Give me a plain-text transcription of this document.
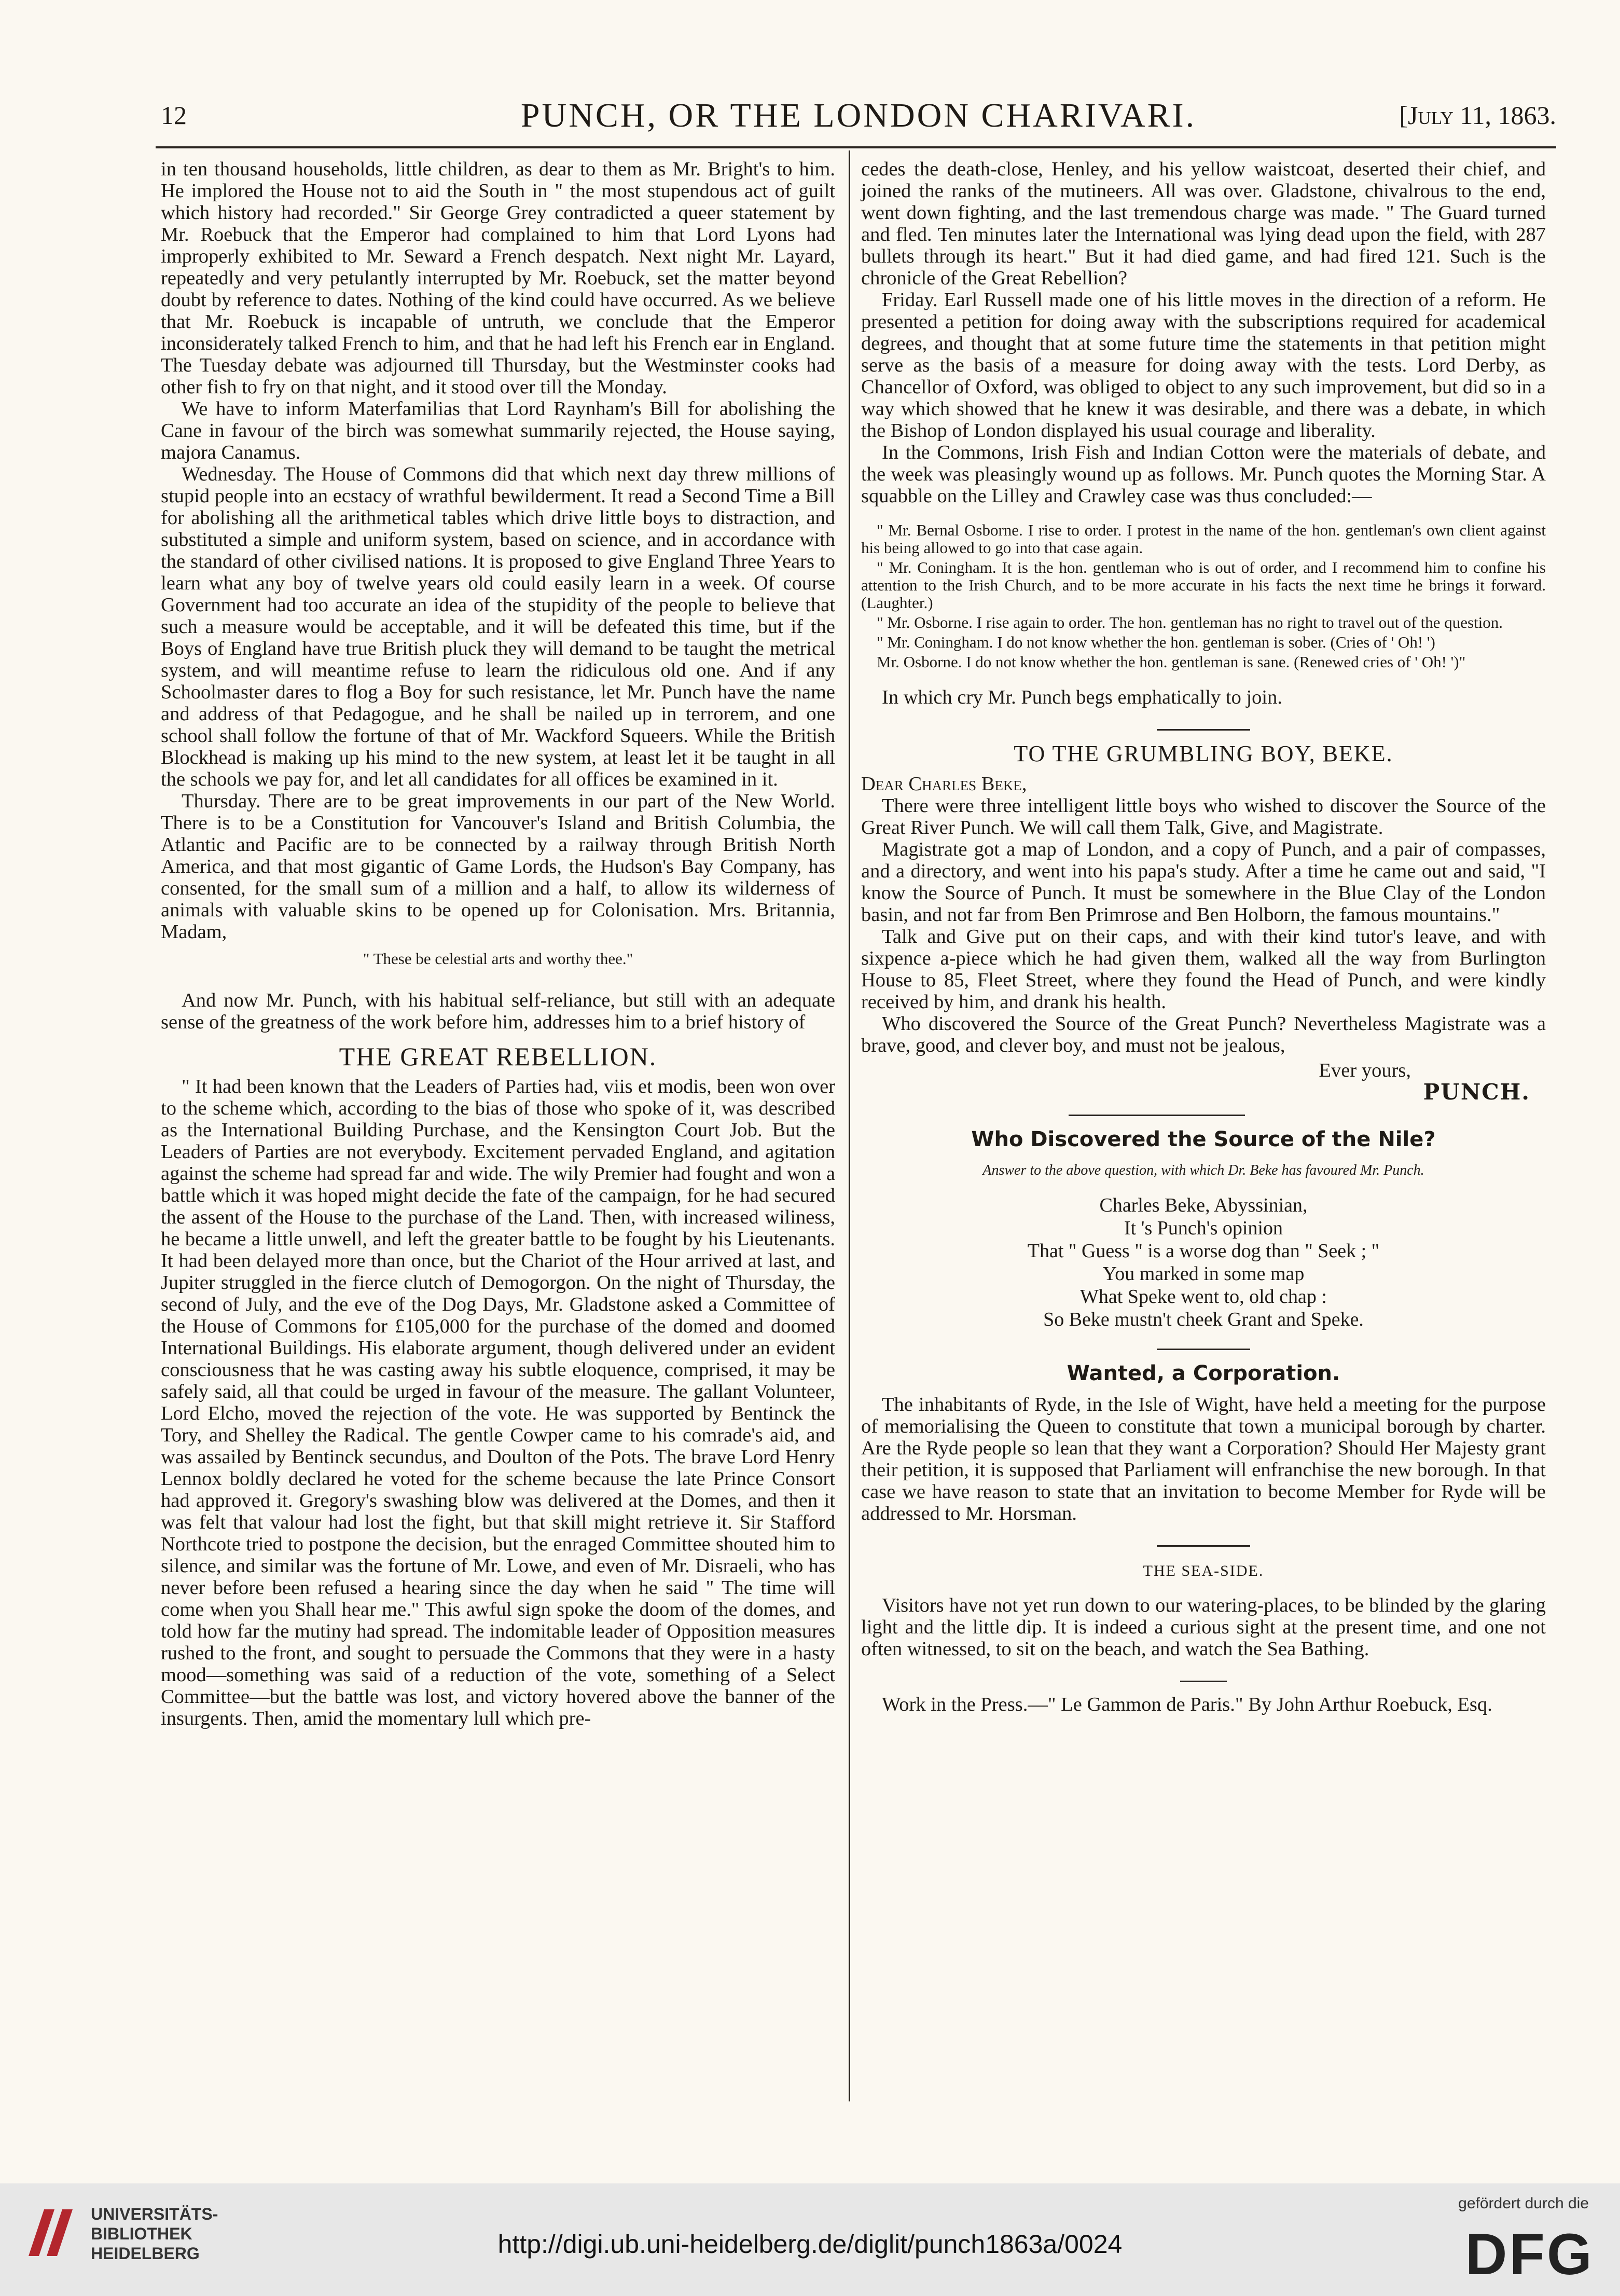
12	PUNCH, OR THE LONDON CHARIVARI.	[July 11, 1863.

in ten thousand households, little children, as dear to them as Mr. Bright's to him. He implored the House not to aid the South in " the most stupendous act of guilt which history had recorded." Sir George Grey contradicted a queer statement by Mr. Roebuck that the Emperor had complained to him that Lord Lyons had improperly exhibited to Mr. Seward a French despatch. Next night Mr. Layard, repeatedly and very petulantly interrupted by Mr. Roebuck, set the matter beyond doubt by reference to dates. Nothing of the kind could have occurred. As we believe that Mr. Roebuck is incapable of untruth, we conclude that the Emperor inconsiderately talked French to him, and that he had left his French ear in England. The Tuesday debate was adjourned till Thursday, but the Westminster cooks had other fish to fry on that night, and it stood over till the Monday.

We have to inform Materfamilias that Lord Raynham's Bill for abolishing the Cane in favour of the birch was somewhat summarily rejected, the House saying, majora Canamus.

Wednesday. The House of Commons did that which next day threw millions of stupid people into an ecstacy of wrathful bewilderment. It read a Second Time a Bill for abolishing all the arithmetical tables which drive little boys to distraction, and substituted a simple and uniform system, based on science, and in accordance with the standard of other civilised nations. It is proposed to give England Three Years to learn what any boy of twelve years old could easily learn in a week. Of course Government had too accurate an idea of the stupidity of the people to believe that such a measure would be acceptable, and it will be defeated this time, but if the Boys of England have true British pluck they will demand to be taught the metrical system, and will meantime refuse to learn the ridiculous old one. And if any Schoolmaster dares to flog a Boy for such resistance, let Mr. Punch have the name and address of that Pedagogue, and he shall be nailed up in terrorem, and one school shall follow the fortune of that of Mr. Wackford Squeers. While the British Blockhead is making up his mind to the new system, at least let it be taught in all the schools we pay for, and let all candidates for all offices be examined in it.

Thursday. There are to be great improvements in our part of the New World. There is to be a Constitution for Vancouver's Island and British Columbia, the Atlantic and Pacific are to be connected by a railway through British North America, and that most gigantic of Game Lords, the Hudson's Bay Company, has consented, for the small sum of a million and a half, to allow its wilderness of animals with valuable skins to be opened up for Colonisation. Mrs. Britannia, Madam,

" These be celestial arts and worthy thee."

And now Mr. Punch, with his habitual self-reliance, but still with an adequate sense of the greatness of the work before him, addresses him to a brief history of

THE GREAT REBELLION.

" It had been known that the Leaders of Parties had, viis et modis, been won over to the scheme which, according to the bias of those who spoke of it, was described as the International Building Purchase, and the Kensington Court Job. But the Leaders of Parties are not everybody. Excitement pervaded England, and agitation against the scheme had spread far and wide. The wily Premier had fought and won a battle which it was hoped might decide the fate of the campaign, for he had secured the assent of the House to the purchase of the Land. Then, with increased wiliness, he became a little unwell, and left the greater battle to be fought by his Lieutenants. It had been delayed more than once, but the Chariot of the Hour arrived at last, and Jupiter struggled in the fierce clutch of Demogorgon. On the night of Thursday, the second of July, and the eve of the Dog Days, Mr. Gladstone asked a Committee of the House of Commons for £105,000 for the purchase of the domed and doomed International Buildings. His elaborate argument, though delivered under an evident consciousness that he was casting away his subtle eloquence, comprised, it may be safely said, all that could be urged in favour of the measure. The gallant Volunteer, Lord Elcho, moved the rejection of the vote. He was supported by Bentinck the Tory, and Shelley the Radical. The gentle Cowper came to his comrade's aid, and was assailed by Bentinck secundus, and Doulton of the Pots. The brave Lord Henry Lennox boldly declared he voted for the scheme because the late Prince Consort had approved it. Gregory's swashing blow was delivered at the Domes, and then it was felt that valour had lost the fight, but that skill might retrieve it. Sir Stafford Northcote tried to postpone the decision, but the enraged Committee shouted him to silence, and similar was the fortune of Mr. Lowe, and even of Mr. Disraeli, who has never before been refused a hearing since the day when he said " The time will come when you Shall hear me." This awful sign spoke the doom of the domes, and told how far the mutiny had spread. The indomitable leader of Opposition measures rushed to the front, and sought to persuade the Commons that they were in a hasty mood—something was said of a reduction of the vote, something of a Select Committee—but the battle was lost, and victory hovered above the banner of the insurgents. Then, amid the momentary lull which pre-

cedes the death-close, Henley, and his yellow waistcoat, deserted their chief, and joined the ranks of the mutineers. All was over. Gladstone, chivalrous to the end, went down fighting, and the last tremendous charge was made. " The Guard turned and fled. Ten minutes later the International was lying dead upon the field, with 287 bullets through its heart." But it had died game, and had fired 121. Such is the chronicle of the Great Rebellion?

Friday. Earl Russell made one of his little moves in the direction of a reform. He presented a petition for doing away with the subscriptions required for academical degrees, and thought that at some future time the statements in that petition might serve as the basis of a measure for doing away with the tests. Lord Derby, as Chancellor of Oxford, was obliged to object to any such improvement, but did so in a way which showed that he knew it was desirable, and there was a debate, in which the Bishop of London displayed his usual courage and liberality.

In the Commons, Irish Fish and Indian Cotton were the materials of debate, and the week was pleasingly wound up as follows. Mr. Punch quotes the Morning Star. A squabble on the Lilley and Crawley case was thus concluded:—

" Mr. Bernal Osborne. I rise to order. I protest in the name of the hon. gentleman's own client against his being allowed to go into that case again.

" Mr. Coningham. It is the hon. gentleman who is out of order, and I recommend him to confine his attention to the Irish Church, and to be more accurate in his facts the next time he brings it forward. (Laughter.)

" Mr. Osborne. I rise again to order. The hon. gentleman has no right to travel out of the question.

" Mr. Coningham. I do not know whether the hon. gentleman is sober. (Cries of ' Oh! ')

Mr. Osborne. I do not know whether the hon. gentleman is sane. (Renewed cries of ' Oh! ')"

In which cry Mr. Punch begs emphatically to join.

TO THE GRUMBLING BOY, BEKE.

Dear Charles Beke,

There were three intelligent little boys who wished to discover the Source of the Great River Punch. We will call them Talk, Give, and Magistrate.

Magistrate got a map of London, and a copy of Punch, and a pair of compasses, and a directory, and went into his papa's study. After a time he came out and said, "I know the Source of Punch. It must be somewhere in the Blue Clay of the London basin, and not far from Ben Primrose and Ben Holborn, the famous mountains."

Talk and Give put on their caps, and with their kind tutor's leave, and with sixpence a-piece which he had given them, walked all the way from Burlington House to 85, Fleet Street, where they found the Head of Punch, and were kindly received by him, and drank his health.

Who discovered the Source of the Great Punch? Nevertheless Magistrate was a brave, good, and clever boy, and must not be jealous,

Ever yours,
PUNCH.
Who Discovered the Source of the Nile?
Answer to the above question, with which Dr. Beke has favoured Mr. Punch.
Charles Beke, Abyssinian,
It 's Punch's opinion
That " Guess " is a worse dog than " Seek ; "
You marked in some map
What Speke went to, old chap :
So Beke mustn't cheek Grant and Speke.
Wanted, a Corporation.

The inhabitants of Ryde, in the Isle of Wight, have held a meeting for the purpose of memorialising the Queen to constitute that town a municipal borough by charter. Are the Ryde people so lean that they want a Corporation? Should Her Majesty grant their petition, it is supposed that Parliament will enfranchise the new borough. In that case we have reason to state that an invitation to become Member for Ryde will be addressed to Mr. Horsman.

THE SEA-SIDE.

Visitors have not yet run down to our watering-places, to be blinded by the glaring light and the little dip. It is indeed a curious sight at the present time, and one not often witnessed, to sit on the beach, and watch the Sea Bathing.

Work in the Press.—" Le Gammon de Paris." By John Arthur Roebuck, Esq.

UNIVERSITÄTS-
BIBLIOTHEK
HEIDELBERG	http://digi.ub.uni-heidelberg.de/diglit/punch1863a/0024
gefördert durch die
DFG
